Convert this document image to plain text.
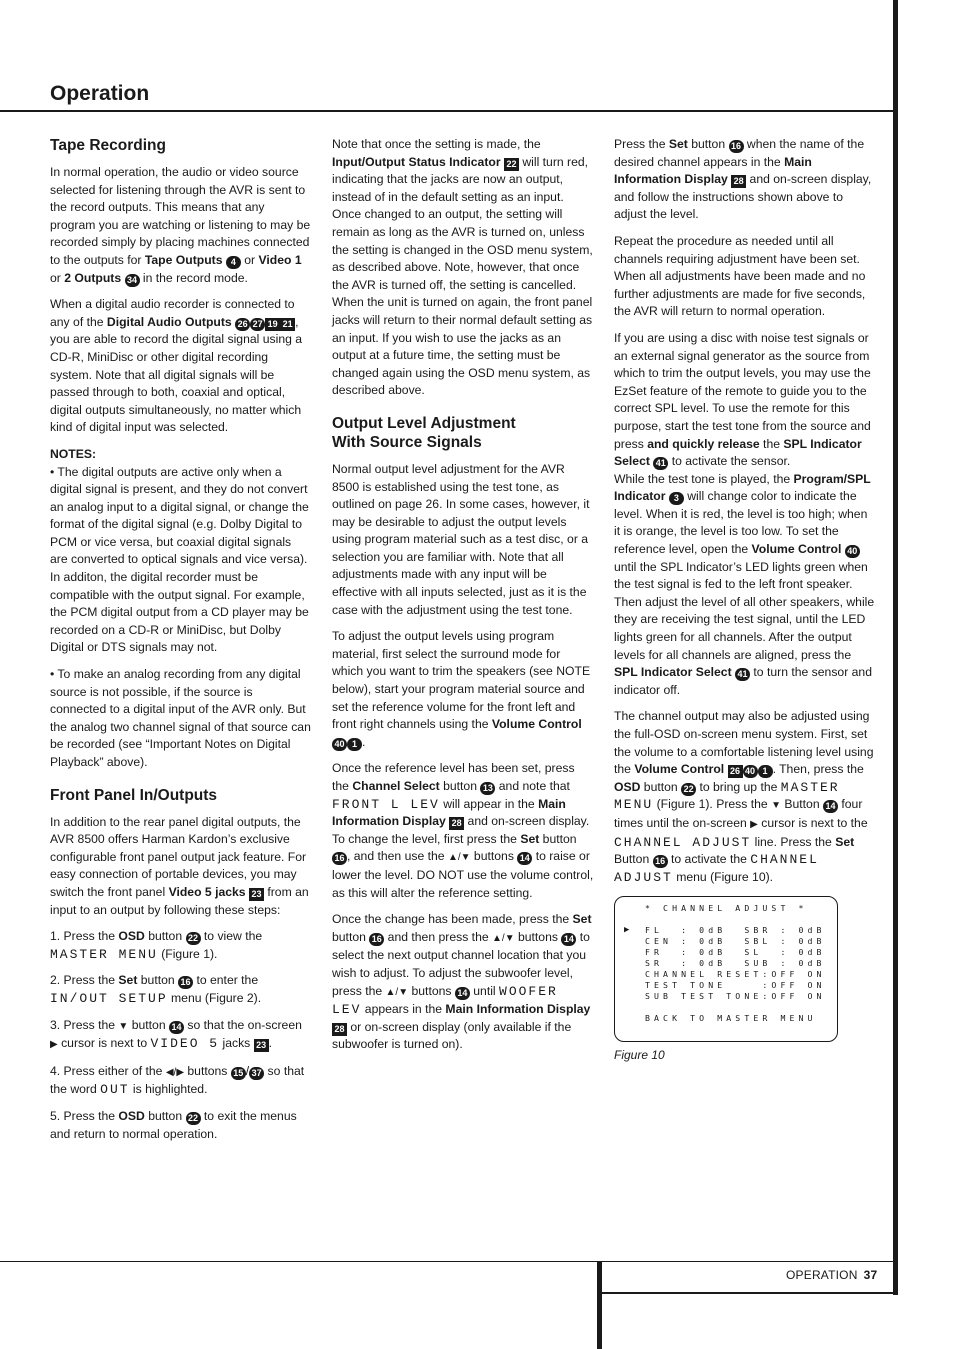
Operation
Tape Recording

In normal operation, the audio or video source selected for listening through the AVR is sent to the record outputs. This means that any program you are watching or listening to may be recorded simply by placing machines connected to the outputs for Tape Outputs 4 or Video 1 or 2 Outputs 34 in the record mode.

When a digital audio recorder is connected to any of the Digital Audio Outputs 26 27 19 21 , you are able to record the digital signal using a CD-R, MiniDisc or other digital recording system. Note that all digital signals will be passed through to both, coaxial and optical, digital outputs simultaneously, no matter which kind of digital input was selected.

NOTES:

• The digital outputs are active only when a digital signal is present, and they do not convert an analog input to a digital signal, or change the format of the digital signal (e.g. Dolby Digital to PCM or vice versa, but coaxial digital signals are converted to optical signals and vice versa). In additon, the digital recorder must be compatible with the output signal. For example, the PCM digital output from a CD player may be recorded on a CD-R or MiniDisc, but Dolby Digital or DTS signals may not.

• To make an analog recording from any digital source is not possible, if the source is connected to a digital input of the AVR only. But the analog two channel signal of that source can be recorded (see “Important Notes on Digital Playback” above).

Front Panel In/Outputs

In addition to the rear panel digital outputs, the AVR 8500 offers Harman Kardon’s exclusive configurable front panel output jack feature. For easy connection of portable devices, you may switch the front panel Video 5 jacks 23 from an input to an output by following these steps:

1. Press the OSD button 22 to view the MASTER MENU (Figure 1).

2. Press the Set button 16 to enter the IN/OUT SETUP menu (Figure 2).

3. Press the ▼ button 14 so that the on-screen ▶ cursor is next to VIDEO 5 jacks 23 .

4. Press either of the ◀/▶ buttons 15 / 37 so that the word OUT is highlighted.

5. Press the OSD button 22 to exit the menus and return to normal operation.

Note that once the setting is made, the Input/Output Status Indicator 22 will turn red, indicating that the jacks are now an output, instead of in the default setting as an input. Once changed to an output, the setting will remain as long as the AVR is turned on, unless the setting is changed in the OSD menu system, as described above. Note, however, that once the AVR is turned off, the setting is cancelled. When the unit is turned on again, the front panel jacks will return to their normal default setting as an input. If you wish to use the jacks as an output at a future time, the setting must be changed again using the OSD menu system, as described above.

Output Level Adjustment
With Source Signals

Normal output level adjustment for the AVR 8500 is established using the test tone, as outlined on page 26. In some cases, however, it may be desirable to adjust the output levels using program material such as a test disc, or a selection you are familiar with. Note that all adjustments made with any input will be effective with all inputs selected, just as it is the case with the adjustment using the test tone.

To adjust the output levels using program material, first select the surround mode for which you want to trim the speakers (see NOTE below), start your program material source and set the reference volume for the front left and front right channels using the Volume Control 40 1 .

Once the reference level has been set, press the Channel Select button 13 and note that FRONT L LEV will appear in the Main Information Display 28 and on-screen display. To change the level, first press the Set button 16 , and then use the ▲/▼ buttons 14 to raise or lower the level. DO NOT use the volume control, as this will alter the reference setting.

Once the change has been made, press the Set button 16 and then press the ▲/▼ buttons 14 to select the next output channel location that you wish to adjust. To adjust the subwoofer level, press the ▲/▼ buttons 14 until WOOFER LEV appears in the Main Information Display 28 or on-screen display (only available if the subwoofer is turned on).

Press the Set button 16 when the name of the desired channel appears in the Main Information Display 28 and on-screen display, and follow the instructions shown above to adjust the level.

Repeat the procedure as needed until all channels requiring adjustment have been set. When all adjustments have been made and no further adjustments are made for five seconds, the AVR will return to normal operation.

If you are using a disc with noise test signals or an external signal generator as the source from which to trim the output levels, you may use the EzSet feature of the remote to guide you to the correct SPL level. To use the remote for this purpose, start the test tone from the source and press and quickly release the SPL Indicator Select 41 to activate the sensor.

While the test tone is played, the Program/SPL Indicator 3 will change color to indicate the level. When it is red, the level is too high; when it is orange, the level is too low. To set the reference level, open the Volume Control 40 until the SPL Indicator’s LED lights green when the test signal is fed to the left front speaker. Then adjust the level of all other speakers, while they are receiving the test signal, until the LED lights green for all channels. After the output levels for all channels are aligned, press the SPL Indicator Select 41 to turn the sensor and indicator off.

The channel output may also be adjusted using the full-OSD on-screen menu system. First, set the volume to a comfortable listening level using the Volume Control 26 40 1 . Then, press the OSD button 22 to bring up the MASTER MENU (Figure 1). Press the ▼ Button 14 four times until the on-screen ▶ cursor is next to the CHANNEL ADJUST line. Press the Set Button 16 to activate the CHANNEL ADJUST menu (Figure 10).

▶
* CHANNEL ADJUST *
FL  : 0dB  SBR : 0dB
CEN : 0dB  SBL : 0dB
FR  : 0dB  SL  : 0dB
SR  : 0dB  SUB : 0dB
CHANNEL RESET:OFF ON
TEST TONE    :OFF ON
SUB TEST TONE:OFF ON
BACK TO MASTER MENU
Figure 10
OPERATION 37
